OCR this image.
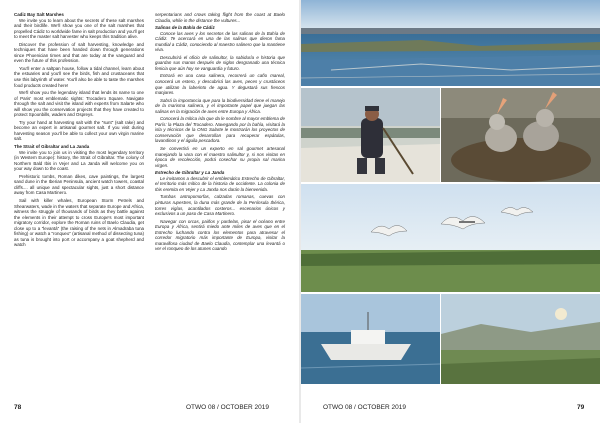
Cadiz Bay Salt Marshes

We invite you to learn about the secrets of these salt marshes and their birdlife. We'll show you one of the salt marshes that propelled Cádiz to worldwide fame in salt production and you'll get to meet the master salt harvester who keeps this tradition alive.

Discover the profession of salt harvesting, knowledge and techniques that have been handed down through generations since Phoenician times and that are today at the vanguard and even the future of this profession.

You'll enter a saltpan house, follow a tidal channel, learn about the estuaries and you'll see the birds, fish and crustaceans that use this labyrinth of water. You'll also be able to taste the marshes food products created here!

We'll show you the legendary island that lends its name to one of Paris' most emblematic sights: Trocadero Square. Navigate through the salt and visit the island with experts from Salarte who will show you the conservation projects that they have created to protect Spoonbills, waders and Ospreys.

Try your hand at harvesting salt with the "sunt" (salt rake) and become an expert in artisanal gourmet salt. If you visit during harvesting season you'll be able to collect your own virgin marine salt.

The Strait of Gibraltar and La Janda

We invite you to join us in visiting the most legendary territory (in Western Europe): history, the Strait of Gibraltar. The colony of Northern Bald Ibis in Vejer and La Janda will welcome you on your way down to the coast.

Prehistoric tombs, Roman dikes, cave paintings, the largest sand dune in the Iberian Peninsula, ancient watch towers, coastal cliffs.... all unique and spectacular sights, just a short distance away from Casa Martinero.

Sail with killer whales, European Storm Petrels and Shearwaters, wade in the waters that separate Europe and Africa, witness the struggle of thousands of birds as they battle against the elements in their attempt to cross Europe's most important migratory corridor, explore the Roman ruins of Baelo Claudia, get close up to a "levantá" (the raising of the nets in Almadraba tuna fishing) or watch a "ronqueo" (artisanal method of dissecting tuna) as tuna is brought into port or accompany a goat shepherd and watch

serpentarians and crows taking flight from the coast at Baelo Claudia, while in the distance the vultures...

Salinas de la Bahía de Cádiz

Conoce las aves y los secretos de las salinas de la Bahía de Cádiz. Te acercará en una de las salinas que dieron fama mundial a Cádiz, conociendo al maestro salinero que la mantiene viva.

Descubrirá el oficio de salinultor, la sabiduría e historia que guardan sus manos después de siglos desgranado una técnica fenicia que aún hoy se vanguardia y futuro.

Entrará en una casa salinera, recorrerá un caño mareal, conocerá un estero, y descubrirá las aves, peces y crustáceos que utilizan la laberinto de agua. Y degustará sus frescos manjares.

Sabrá la importancia que para la biodiversidad tiene el manejo de la marisma salinera, y el importante papel que juegan las salinas en la migración de aves entre Europa y África.

Conocerá la mítica isla que da le nombre al mayor emblema de París: la Plaza del Trocadero. Navegando por la bahía, visitará la isla y técnicos de la ONG Salarte le mostrarán los proyectos de conservación que desarrollan para recuperar espátulas, lavandinos y el águila pescadora.

Se convertirá en un experto en sal gourmet artesanal manejando la vara con el maestro salinultor y, si nos visitas en época de recolección, podrá cosechar su propia sal marina virgen.

Estrecho de Gibraltar y La Janda

Le invitamos a descubrir el emblemático Estrecho de Gibraltar, el territorio más mítico de la historia de occidente. La colonia de Ibis eremita en Vejer y La Janda nos darán la bienvenida.

Tumbas antropomorfas, calzadas romanas, cuevas con pinturas rupestres, la duna más grande de la Península Ibérica, torres vigías, acantilados costeros... escenarios únicos y exclusivos a un paso de Casa Martinero.

Navegar con orcas, paiños y pardelas, pisar el océano entre Europa y África, sentirá miedo ante miles de aves que en el Estrecho luchando contra los elementos para atravesar el corredor migratorio más importante de Europa, visitar la maravillosa ciudad de Baelo Claudia, contemplar una levantá o ver el ronqueo de los atunes cuando

78	OTWO 08 / OCTOBER 2019	OTWO 08 / OCTOBER 2019	79
